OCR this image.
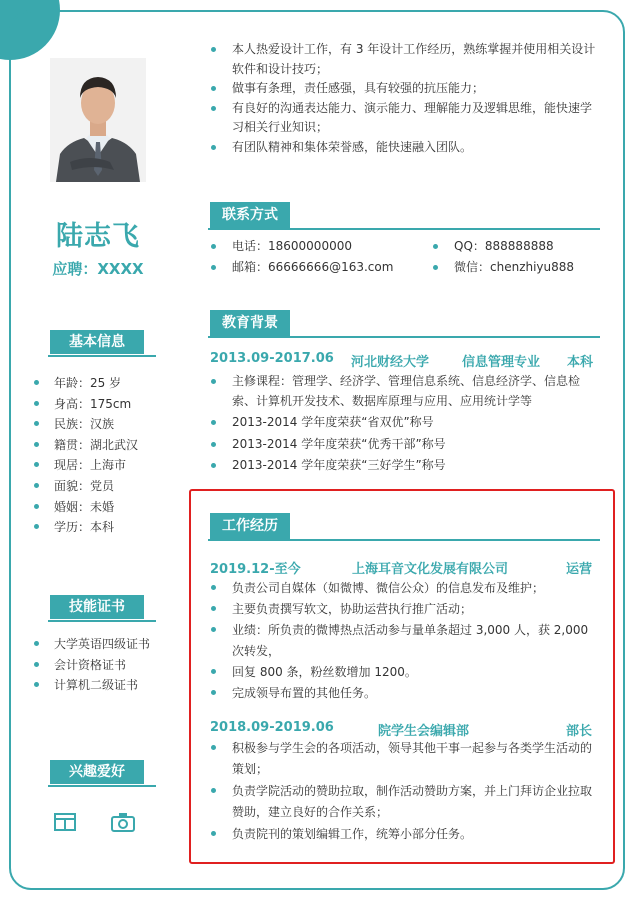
陆志飞
应聘：XXXX
基本信息
年龄：25 岁
身高：175cm
民族：汉族
籍贯：湖北武汉
现居：上海市
面貌：党员
婚姻：未婚
学历：本科
技能证书
大学英语四级证书
会计资格证书
计算机二级证书
兴趣爱好
本人热爱设计工作，有 3 年设计工作经历，熟练掌握并使用相关设计软件和设计技巧；
做事有条理，责任感强，具有较强的抗压能力；
有良好的沟通表达能力、演示能力、理解能力及逻辑思维，能快速学习相关行业知识；
有团队精神和集体荣誉感，能快速融入团队。
联系方式
电话：18600000000
邮箱：66666666@163.com
QQ：888888888
微信：chenzhiyu888
教育背景
2013.09-2017.06 河北财经大学	信息管理专业 本科
主修课程：管理学、经济学、管理信息系统、信息经济学、信息检索、计算机开发技术、数据库原理与应用、应用统计学等
2013-2014 学年度荣获“省双优”称号
2013-2014 学年度荣获“优秀干部”称号
2013-2014 学年度荣获“三好学生”称号
工作经历
2019.12-至今	上海耳音文化发展有限公司	运营
负责公司自媒体（如微博、微信公众）的信息发布及维护；
主要负责撰写软文，协助运营执行推广活动；
业绩：所负责的微博热点活动参与量单条超过 3,000 人，获 2,000 次转发，
回复 800 条，粉丝数增加 1200。
完成领导布置的其他任务。
2018.09-2019.06	院学生会编辑部	部长
积极参与学生会的各项活动，领导其他干事一起参与各类学生活动的策划；
负责学院活动的赞助拉取，制作活动赞助方案，并上门拜访企业拉取赞助，建立良好的合作关系；
负责院刊的策划编辑工作，统筹小部分任务。
